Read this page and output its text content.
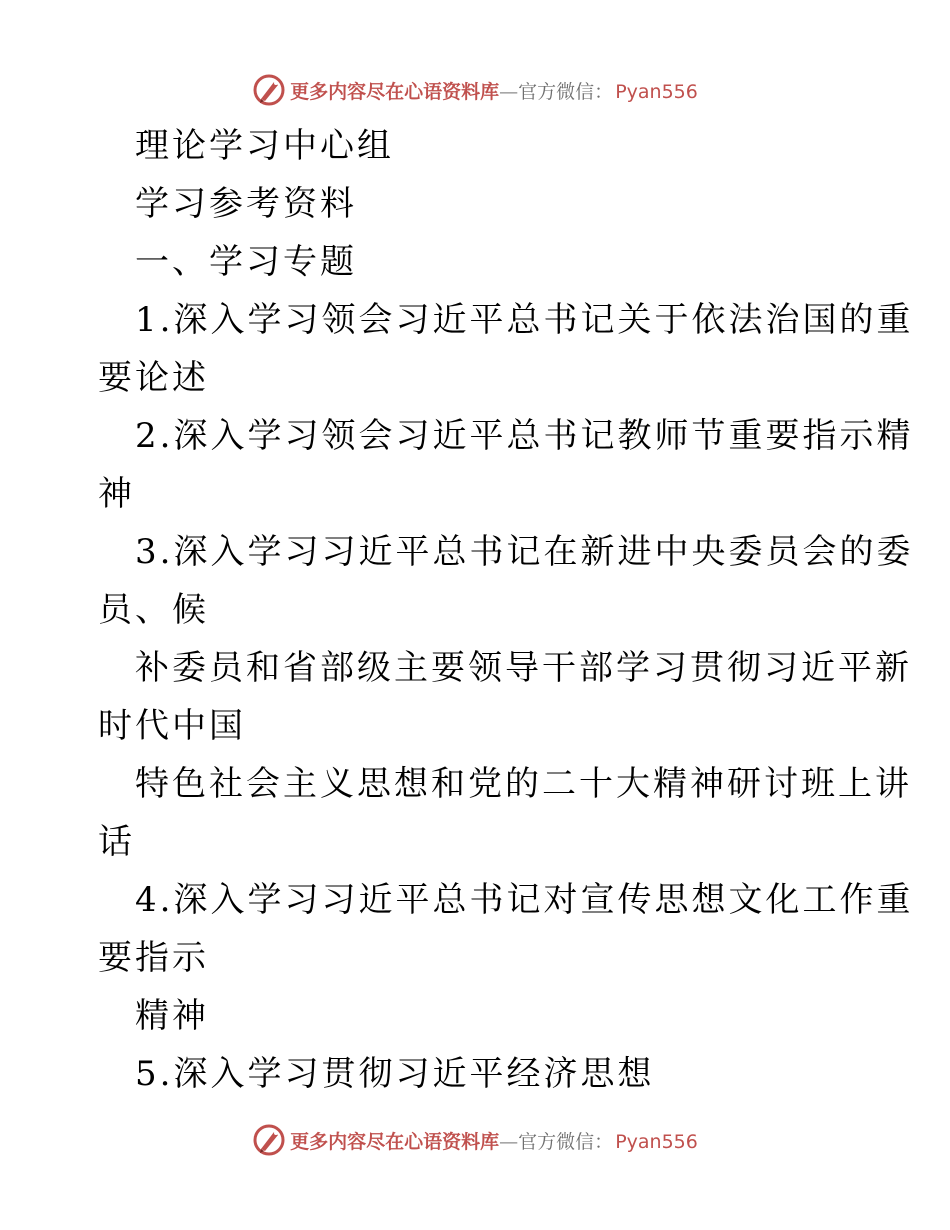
更多内容尽在心语资料库—官方微信： Pyan556
理论学习中心组
学习参考资料
一、学习专题
1.深入学习领会习近平总书记关于依法治国的重
要论述
2.深入学习领会习近平总书记教师节重要指示精
神
3.深入学习习近平总书记在新进中央委员会的委
员、候
补委员和省部级主要领导干部学习贯彻习近平新
时代中国
特色社会主义思想和党的二十大精神研讨班上讲
话
4.深入学习习近平总书记对宣传思想文化工作重
要指示
精神
5.深入学习贯彻习近平经济思想
更多内容尽在心语资料库—官方微信： Pyan556
